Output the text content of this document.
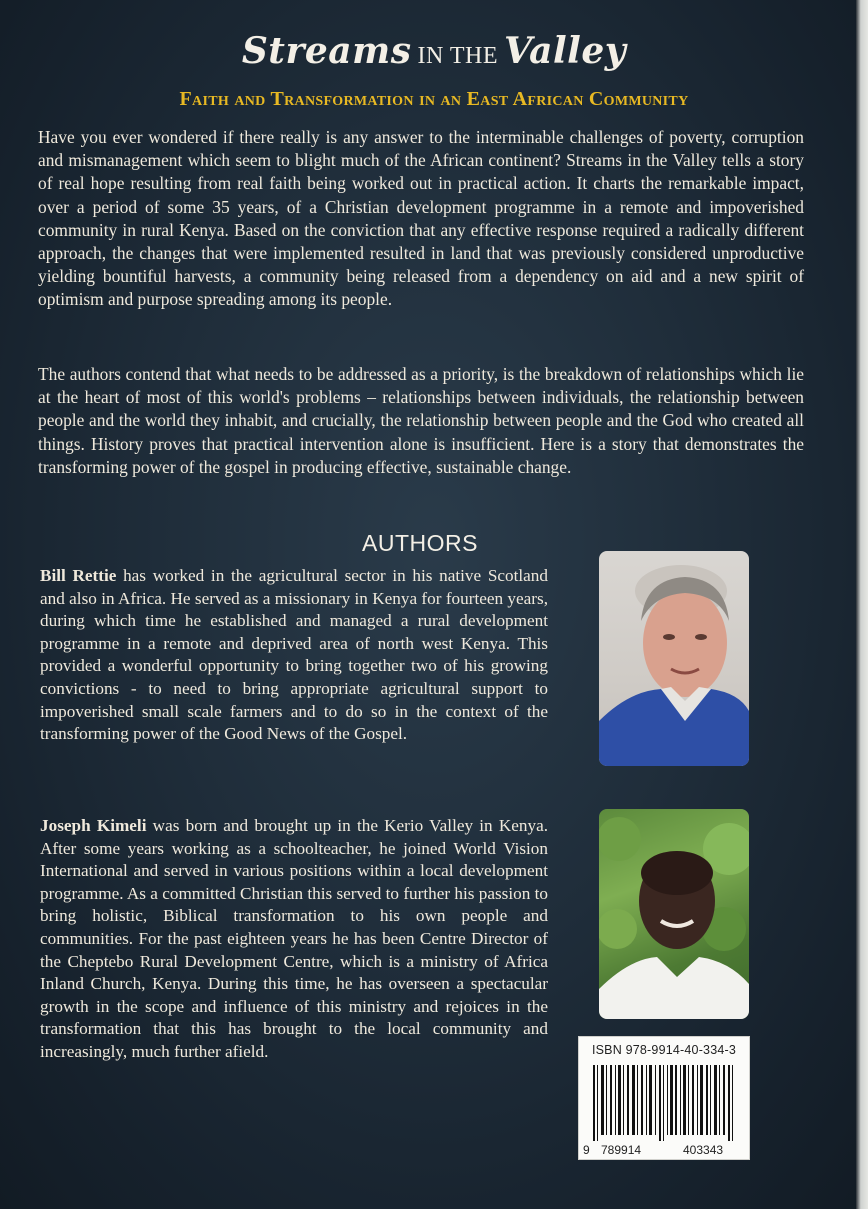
Streams IN THE Valley
Faith and Transformation in an East African Community

Have you ever wondered if there really is any answer to the interminable challenges of poverty, corruption and mismanagement which seem to blight much of the African continent? Streams in the Valley tells a story of real hope resulting from real faith being worked out in practical action. It charts the remarkable impact, over a period of some 35 years, of a Christian development programme in a remote and impoverished community in rural Kenya. Based on the conviction that any effective response required a radically different approach, the changes that were implemented resulted in land that was previously considered unproductive yielding bountiful harvests, a community being released from a dependency on aid and a new spirit of optimism and purpose spreading among its people.

The authors contend that what needs to be addressed as a priority, is the breakdown of relationships which lie at the heart of most of this world's problems – relationships between individuals, the relationship between people and the world they inhabit, and crucially, the relationship between people and the God who created all things. History proves that practical intervention alone is insufficient. Here is a story that demonstrates the transforming power of the gospel in producing effective, sustainable change.

AUTHORS

Bill Rettie has worked in the agricultural sector in his native Scotland and also in Africa. He served as a missionary in Kenya for fourteen years, during which time he established and managed a rural development programme in a remote and deprived area of north west Kenya. This provided a wonderful opportunity to bring together two of his growing convictions - to need to bring appropriate agricultural support to impoverished small scale farmers and to do so in the context of the transforming power of the Good News of the Gospel.

Joseph Kimeli was born and brought up in the Kerio Valley in Kenya. After some years working as a schoolteacher, he joined World Vision International and served in various positions within a local development programme. As a committed Christian this served to further his passion to bring holistic, Biblical transformation to his own people and communities. For the past eighteen years he has been Centre Director of the Cheptebo Rural Development Centre, which is a ministry of Africa Inland Church, Kenya. During this time, he has overseen a spectacular growth in the scope and influence of this ministry and rejoices in the transformation that this has brought to the local community and increasingly, much further afield.	ISBN 978-9914-40-334-3
9 789914	403343
